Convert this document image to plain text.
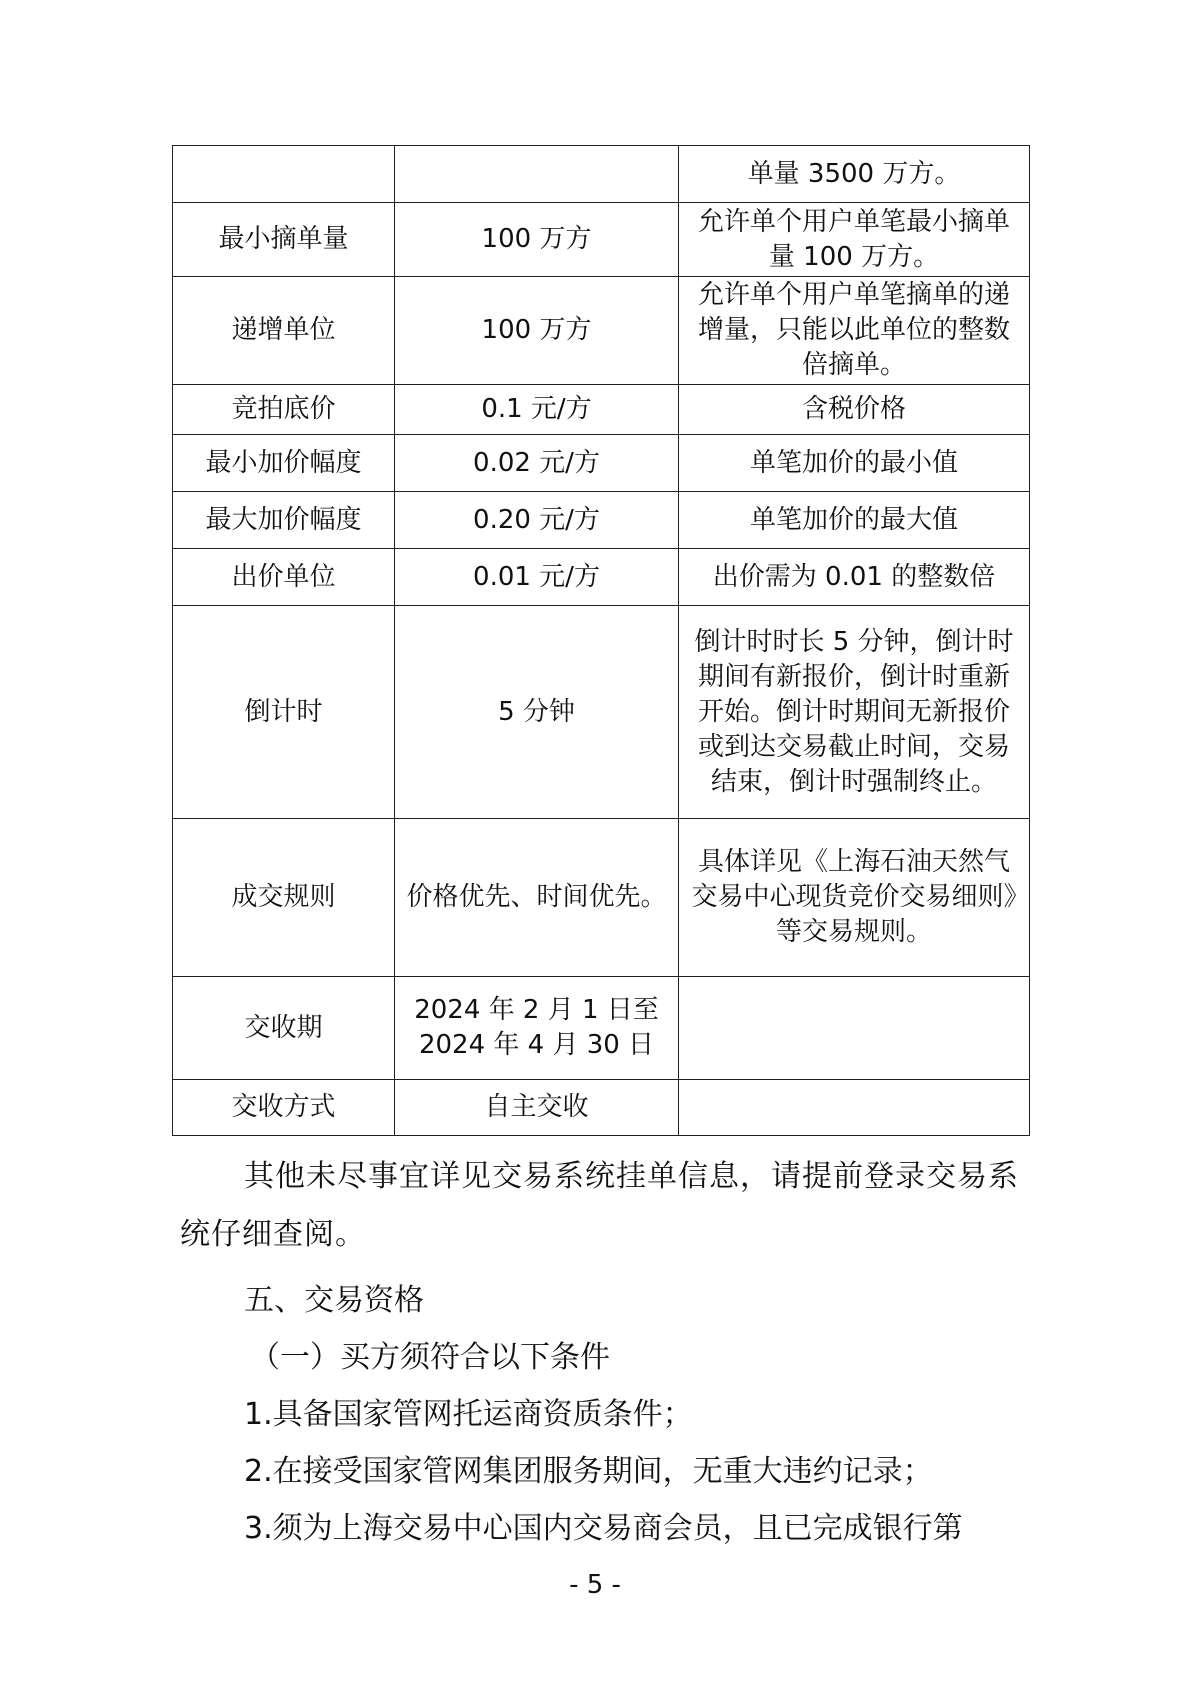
		单量 3500 万方。
最小摘单量	100 万方	允许单个用户单笔最小摘单量 100 万方。
递增单位	100 万方	允许单个用户单笔摘单的递增量，只能以此单位的整数倍摘单。
竞拍底价	0.1 元/方	含税价格
最小加价幅度	0.02 元/方	单笔加价的最小值
最大加价幅度	0.20 元/方	单笔加价的最大值
出价单位	0.01 元/方	出价需为 0.01 的整数倍
倒计时	5 分钟	倒计时时长 5 分钟，倒计时期间有新报价，倒计时重新开始。倒计时期间无新报价或到达交易截止时间，交易结束，倒计时强制终止。
成交规则	价格优先、时间优先。	具体详见《上海石油天然气交易中心现货竞价交易细则》等交易规则。
交收期	2024 年 2 月 1 日至 2024 年 4 月 30 日	
交收方式	自主交收	
其他未尽事宜详见交易系统挂单信息，请提前登录交易系统仔细查阅。
五、交易资格
（一）买方须符合以下条件
1.具备国家管网托运商资质条件；
2.在接受国家管网集团服务期间，无重大违约记录；
3.须为上海交易中心国内交易商会员，且已完成银行第
- 5 -
